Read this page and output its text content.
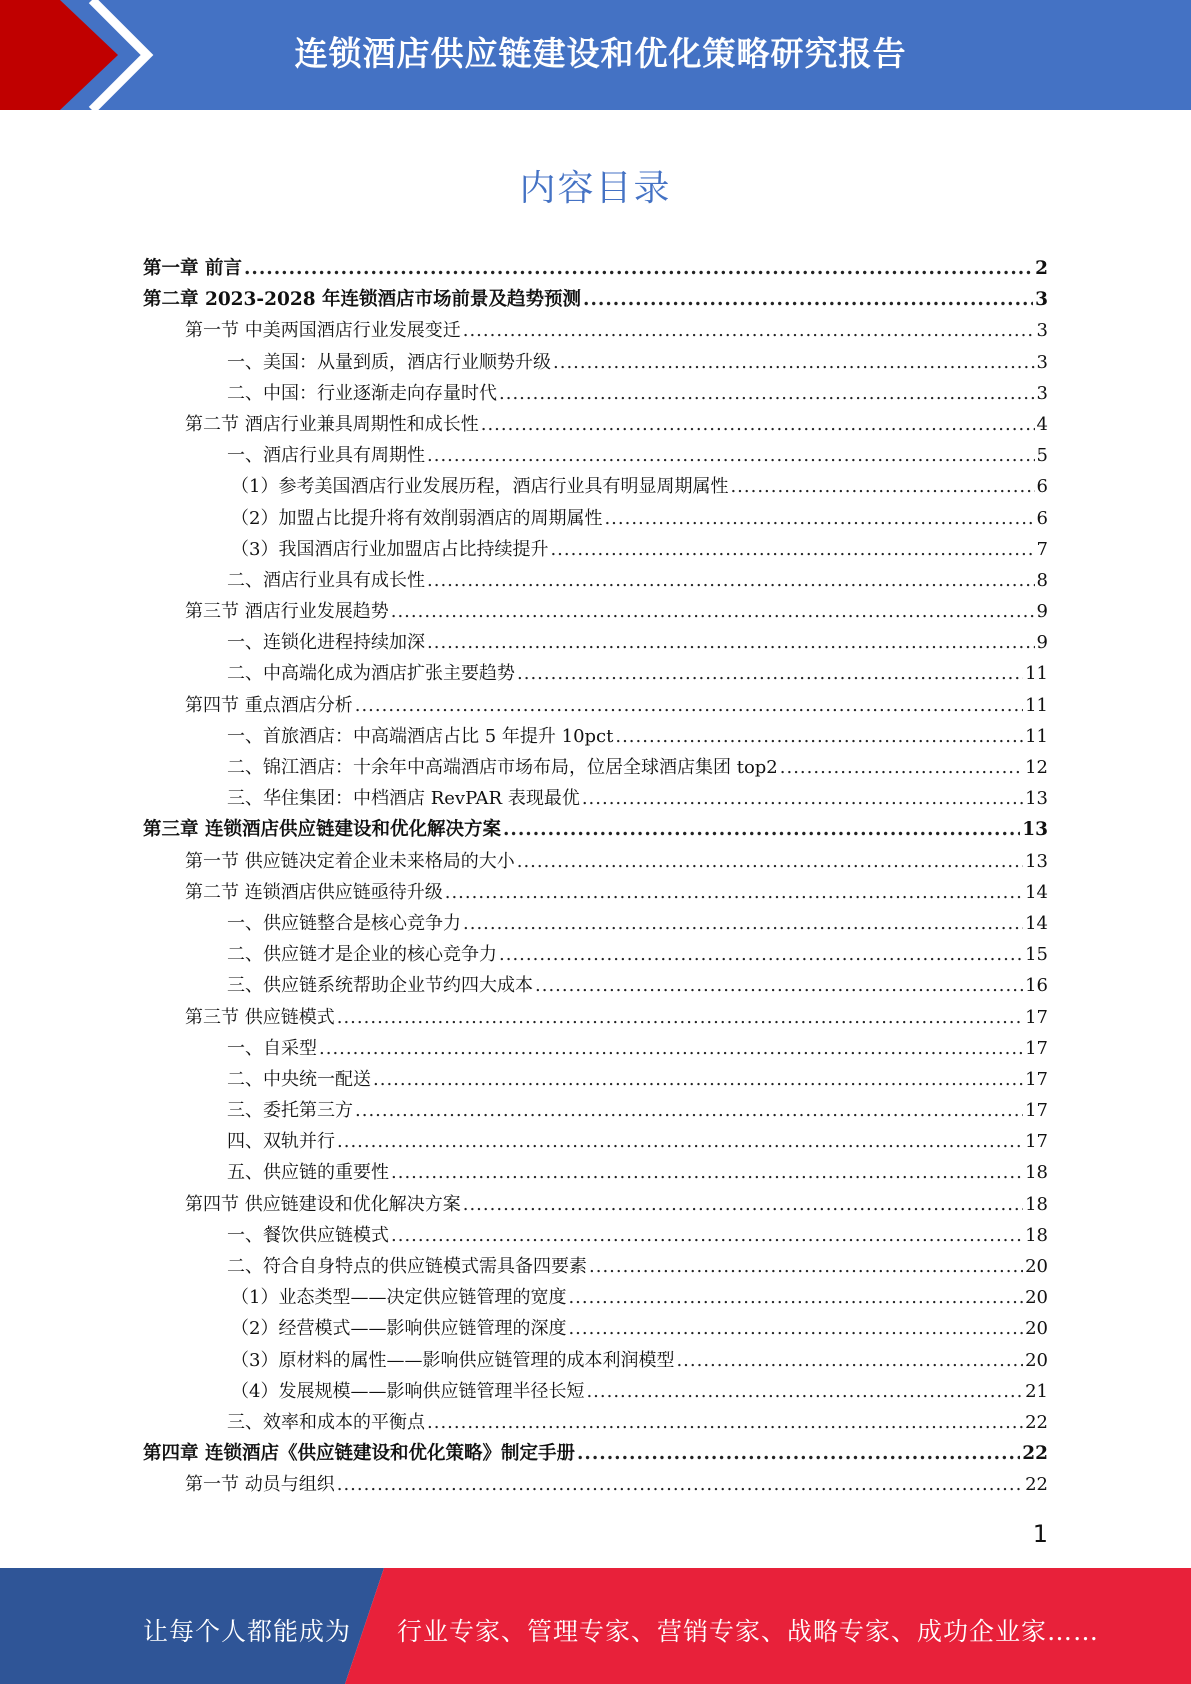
连锁酒店供应链建设和优化策略研究报告
内容目录
第一章 前言 .....	2
第二章 2023-2028 年连锁酒店市场前景及趋势预测 .....	3
第一节 中美两国酒店行业发展变迁 .....	3
一、美国：从量到质，酒店行业顺势升级 .....	3
二、中国：行业逐渐走向存量时代 .....	3
第二节 酒店行业兼具周期性和成长性 .....	4
一、酒店行业具有周期性 .....	5
（1）参考美国酒店行业发展历程，酒店行业具有明显周期属性 .....	6
（2）加盟占比提升将有效削弱酒店的周期属性 .....	6
（3）我国酒店行业加盟店占比持续提升 .....	7
二、酒店行业具有成长性 .....	8
第三节 酒店行业发展趋势 .....	9
一、连锁化进程持续加深 .....	9
二、中高端化成为酒店扩张主要趋势 .....	11
第四节 重点酒店分析 .....	11
一、首旅酒店：中高端酒店占比 5 年提升 10pct .....	11
二、锦江酒店：十余年中高端酒店市场布局，位居全球酒店集团 top2 .....	12
三、华住集团：中档酒店 RevPAR 表现最优 .....	13
第三章 连锁酒店供应链建设和优化解决方案 .....	13
第一节 供应链决定着企业未来格局的大小 .....	13
第二节 连锁酒店供应链亟待升级 .....	14
一、供应链整合是核心竞争力 .....	14
二、供应链才是企业的核心竞争力 .....	15
三、供应链系统帮助企业节约四大成本 .....	16
第三节 供应链模式 .....	17
一、自采型 .....	17
二、中央统一配送 .....	17
三、委托第三方 .....	17
四、双轨并行 .....	17
五、供应链的重要性 .....	18
第四节 供应链建设和优化解决方案 .....	18
一、餐饮供应链模式 .....	18
二、符合自身特点的供应链模式需具备四要素 .....	20
（1）业态类型——决定供应链管理的宽度 .....	20
（2）经营模式——影响供应链管理的深度 .....	20
（3）原材料的属性——影响供应链管理的成本利润模型 .....	20
（4）发展规模——影响供应链管理半径长短 .....	21
三、效率和成本的平衡点 .....	22
第四章 连锁酒店《供应链建设和优化策略》制定手册 .....	22
第一节 动员与组织 .....	22
1
让每个人都能成为 行业专家、管理专家、营销专家、战略专家、成功企业家……
